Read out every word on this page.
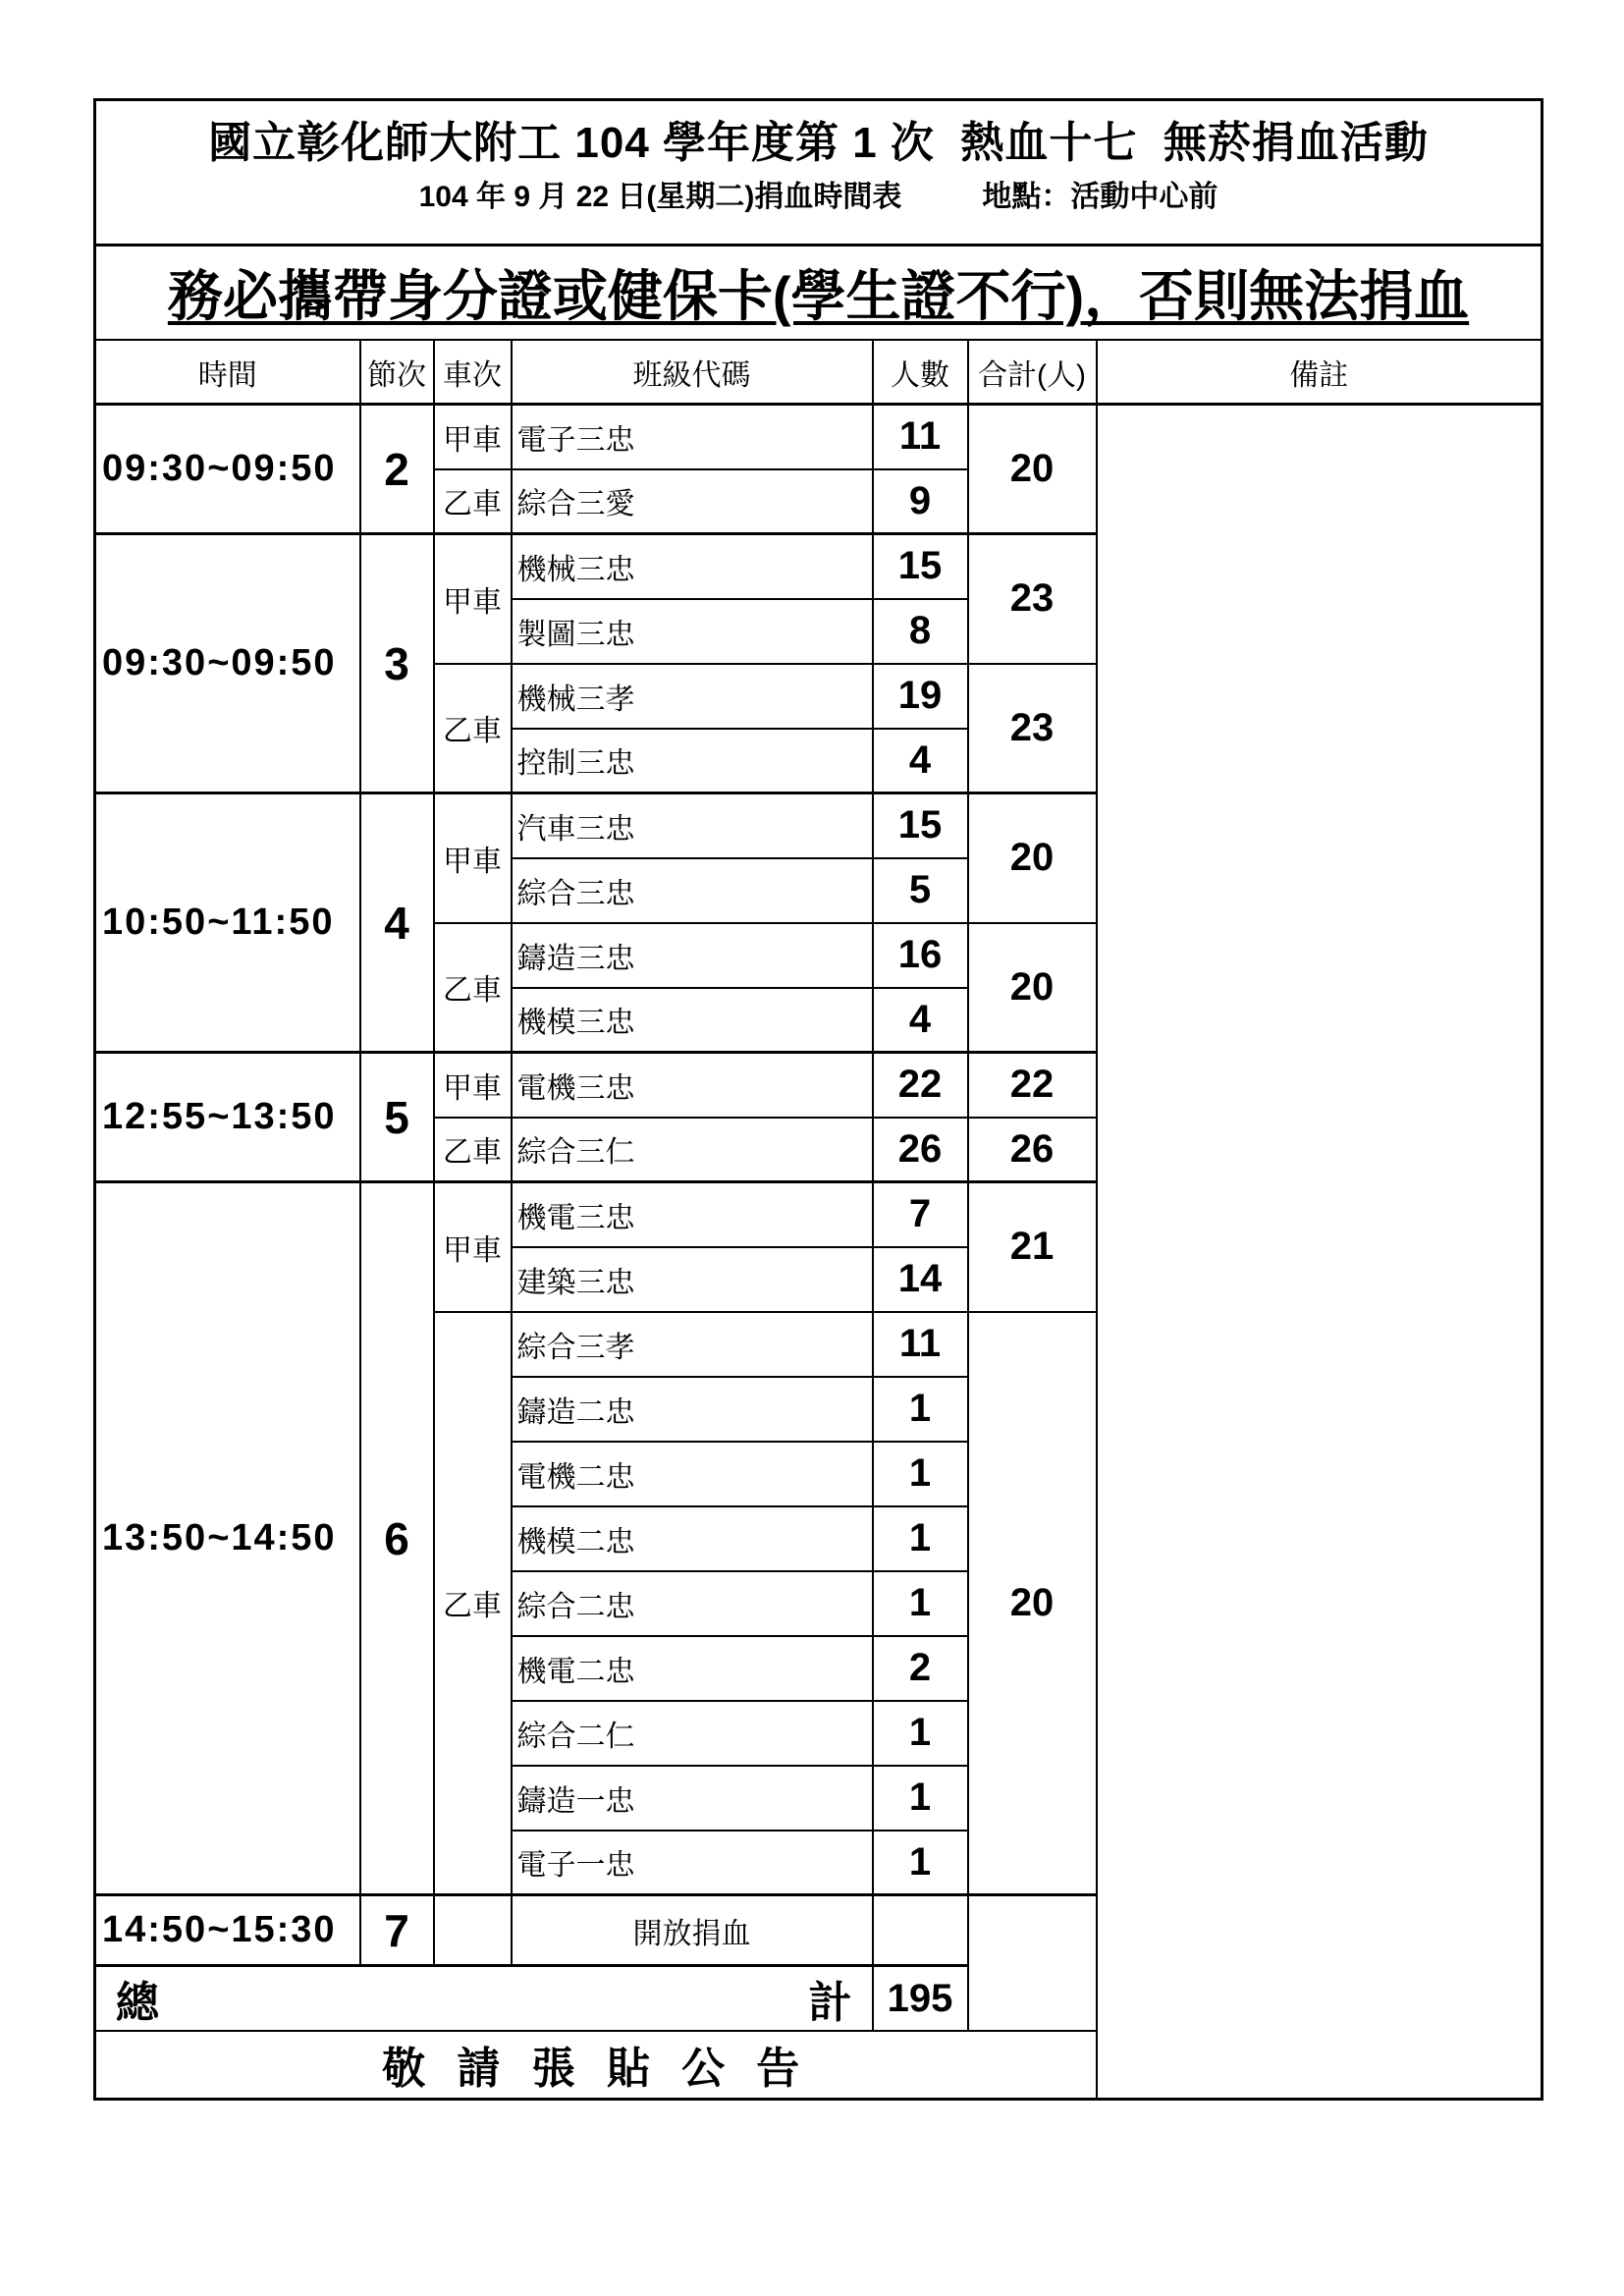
國立彰化師大附工 104 學年度第 1 次  熱血十七  無菸捐血活動
104 年 9 月 22 日(星期二)捐血時間表 地點：活動中心前						

務必攜帶身分證或健保卡(學生證不行)，否則無法捐血						
時間	節次	車次	班級代碼	人數	合計(人)	備註
09:30~09:50	2	甲車	電子三忠	11	20	
		乙車	綜合三愛	9		
09:30~09:50	3	甲車	機械三忠	15	23	
			製圖三忠	8		
		乙車	機械三孝	19	23	
			控制三忠	4		
10:50~11:50	4	甲車	汽車三忠	15	20	
			綜合三忠	5		
		乙車	鑄造三忠	16	20	
			機模三忠	4		
12:55~13:50	5	甲車	電機三忠	22	22	
		乙車	綜合三仁	26	26	
13:50~14:50	6	甲車	機電三忠	7	21	
			建築三忠	14		
		乙車	綜合三孝	11	20	
			鑄造二忠	1		
			電機二忠	1		
			機模二忠	1		
			綜合二忠	1		
			機電二忠	2		
			綜合二仁	1		
			鑄造一忠	1		
			電子一忠	1		
14:50~15:30	7		開放捐血			

總 計				195		
敬 請 張 貼 公 告						
